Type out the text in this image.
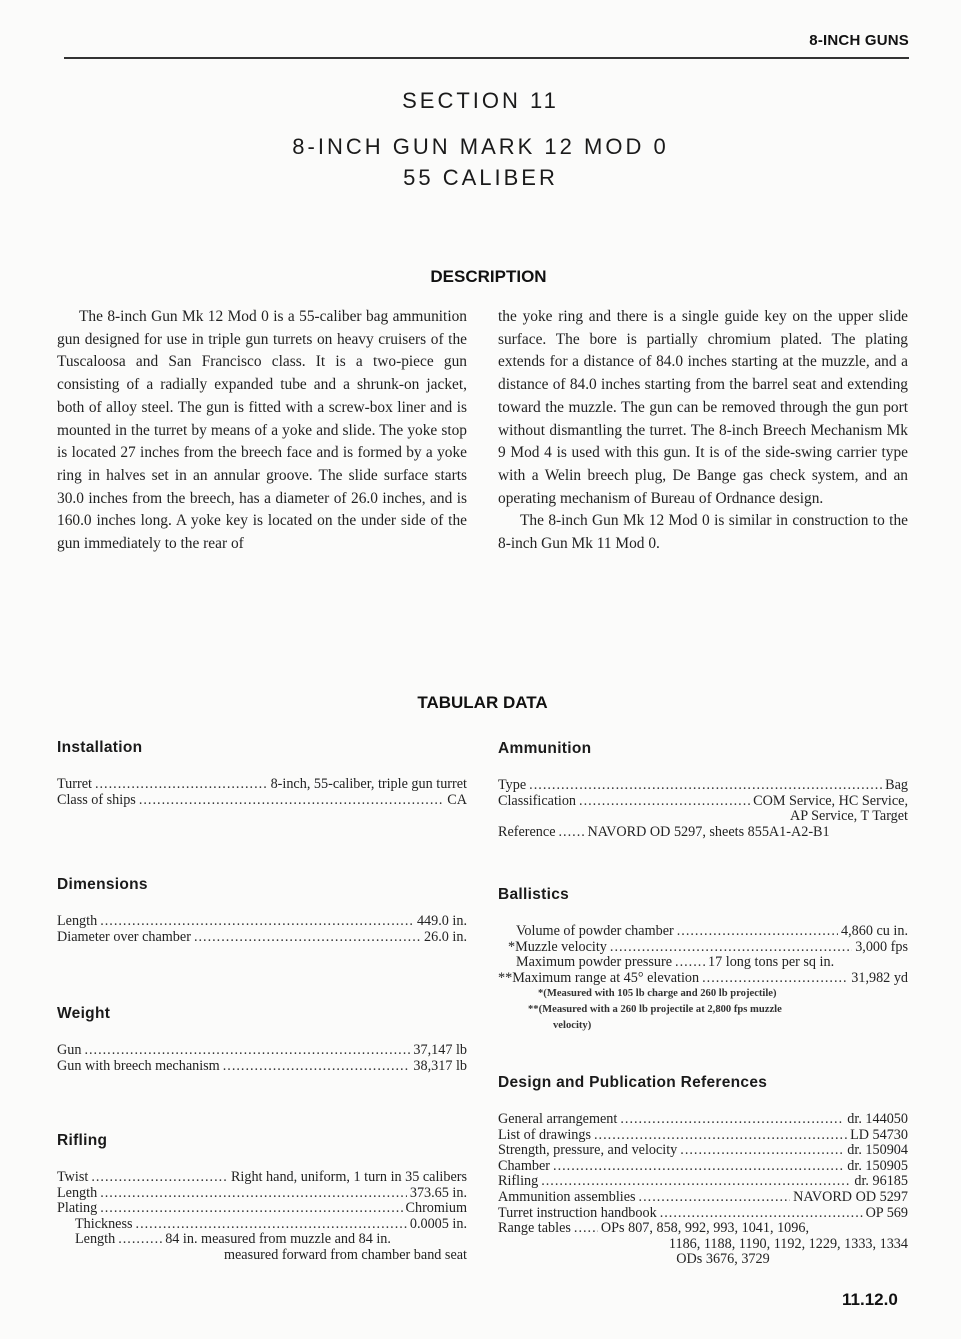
8-INCH GUNS
SECTION 11
8-INCH GUN MARK 12 MOD 0
55 CALIBER
DESCRIPTION

The 8-inch Gun Mk 12 Mod 0 is a 55-caliber bag ammunition gun designed for use in triple gun turrets on heavy cruisers of the Tuscaloosa and San Francisco class. It is a two-piece gun consisting of a radially expanded tube and a shrunk-on jacket, both of alloy steel. The gun is fitted with a screw-box liner and is mounted in the turret by means of a yoke and slide. The yoke stop is located 27 inches from the breech face and is formed by a yoke ring in halves set in an annular groove. The slide surface starts 30.0 inches from the breech, has a diameter of 26.0 inches, and is 160.0 inches long. A yoke key is located on the under side of the gun immediately to the rear of

the yoke ring and there is a single guide key on the upper slide surface. The bore is partially chromium plated. The plating extends for a distance of 84.0 inches starting at the muzzle, and a distance of 84.0 inches starting from the barrel seat and extending toward the muzzle. The gun can be removed through the gun port without dismantling the turret. The 8-inch Breech Mechanism Mk 9 Mod 4 is used with this gun. It is of the side-swing carrier type with a Welin breech plug, De Bange gas check system, and an operating mechanism of Bureau of Ordnance design.

The 8-inch Gun Mk 12 Mod 0 is similar in construction to the 8-inch Gun Mk 11 Mod 0.

TABULAR DATA
Installation
Turret .....	8-inch, 55-caliber, triple gun turret
Class of ships .....	CA
Dimensions
Length .....	449.0 in.
Diameter over chamber .....	26.0 in.
Weight
Gun .....	37,147 lb
Gun with breech mechanism .....	38,317 lb
Rifling
Twist .....	Right hand, uniform, 1 turn in 35 calibers
Length .....	373.65 in.
Plating .....	Chromium
Thickness .....	0.0005 in.
Length .....	84 in. measured from muzzle and 84 in.
measured forward from chamber band seat
Ammunition
Type .....	Bag
Classification .....	COM Service, HC Service,
AP Service, T Target
Reference ..... NAVORD OD 5297, sheets 855A1-A2-B1
Ballistics
Volume of powder chamber .....	4,860 cu in.
*Muzzle velocity .....	3,000 fps
Maximum powder pressure .....	17 long tons per sq in.
**Maximum range at 45° elevation .....	31,982 yd
*(Measured with 105 lb charge and 260 lb projectile)
**(Measured with a 260 lb projectile at 2,800 fps muzzle
velocity)
Design and Publication References
General arrangement .....	dr. 144050
List of drawings .....	LD 54730
Strength, pressure, and velocity .....	dr. 150904
Chamber .....	dr. 150905
Rifling .....	dr. 96185
Ammunition assemblies .....	NAVORD OD 5297
Turret instruction handbook .....	OP 569
Range tables ..... OPs 807, 858, 992, 993, 1041, 1096,
1186, 1188, 1190, 1192, 1229, 1333, 1334
ODs 3676, 3729
11.12.0
